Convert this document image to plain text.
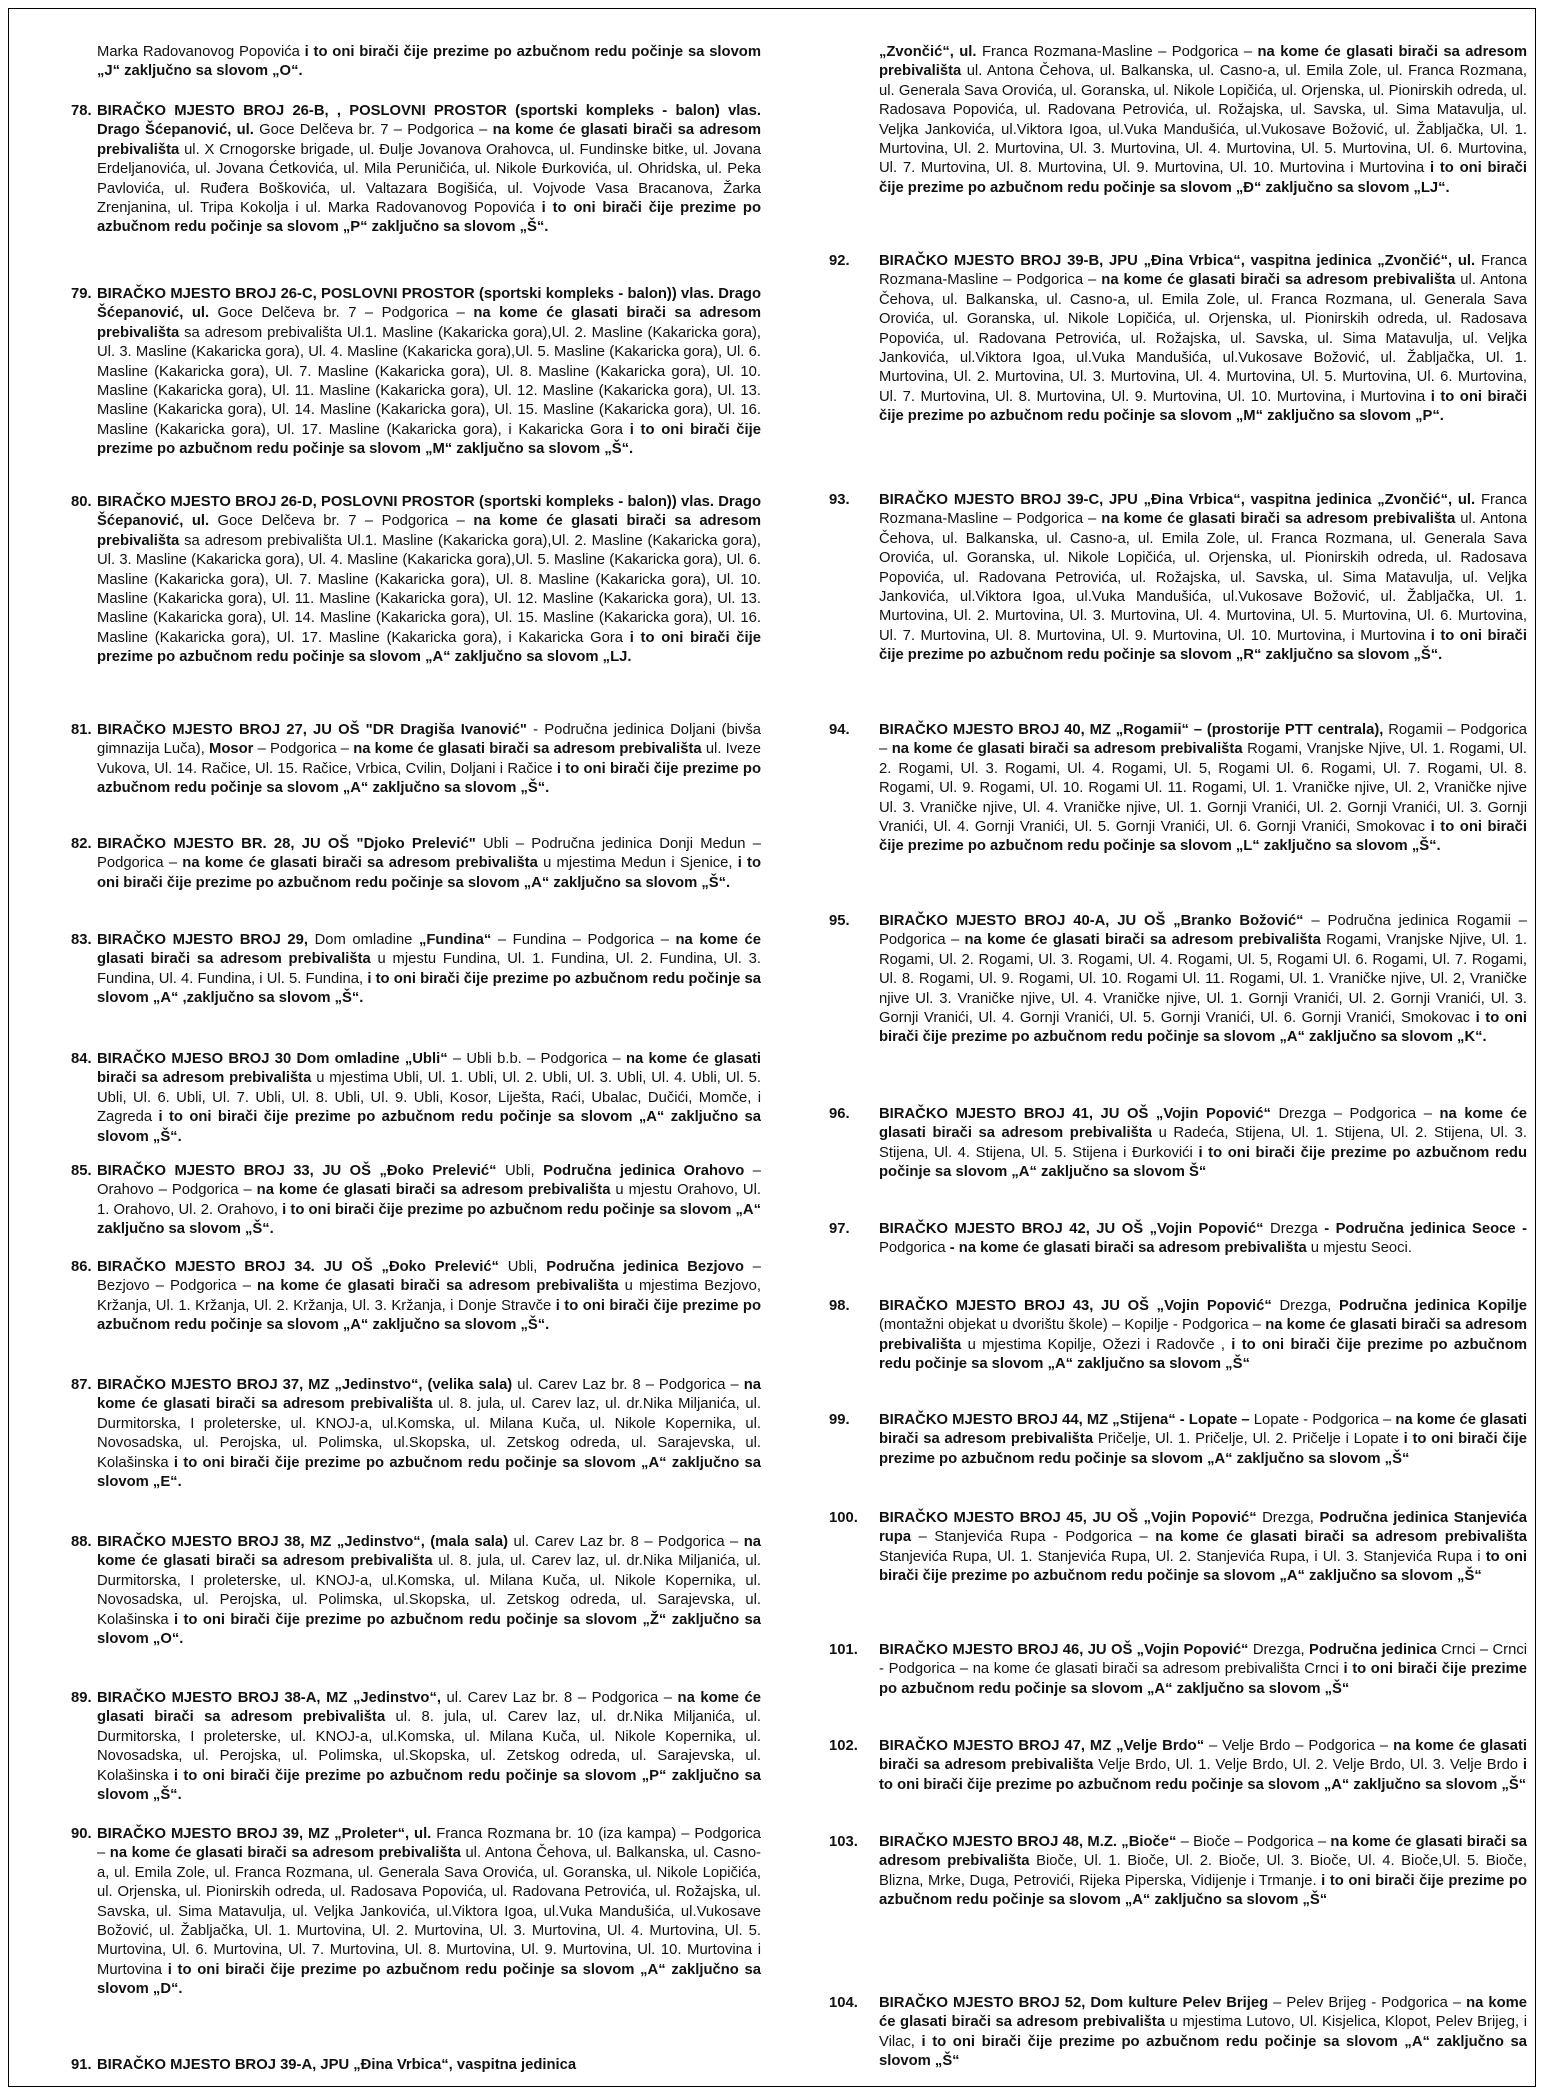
Marka Radovanovog Popovića i to oni birači čije prezime po azbučnom redu počinje sa slovom „J“ zaključno sa slovom „O“.
78. BIRAČKO MJESTO BROJ 26-B, , POSLOVNI PROSTOR (sportski kompleks - balon) vlas. Drago Šćepanović, ul. Goce Delčeva br. 7 – Podgorica – na kome će glasati birači sa adresom prebivališta ul. X Crnogorske brigade, ul. Đulje Jovanova Orahovca, ul. Fundinske bitke, ul. Jovana Erdeljanovića, ul. Jovana Ćetkovića, ul. Mila Peruničića, ul. Nikole Đurkovića, ul. Ohridska, ul. Peka Pavlovića, ul. Ruđera Boškovića, ul. Valtazara Bogišića, ul. Vojvode Vasa Bracanova, Žarka Zrenjanina, ul. Tripa Kokolja i ul. Marka Radovanovog Popovića i to oni birači čije prezime po azbučnom redu počinje sa slovom „P“ zaključno sa slovom „Š“.
79. BIRAČKO MJESTO BROJ 26-C, POSLOVNI PROSTOR (sportski kompleks - balon)) vlas. Drago Šćepanović, ul. Goce Delčeva br. 7 – Podgorica – na kome će glasati birači sa adresom prebivališta sa adresom prebivališta Ul.1. Masline (Kakaricka gora),Ul. 2. Masline (Kakaricka gora), Ul. 3. Masline (Kakaricka gora), Ul. 4. Masline (Kakaricka gora),Ul. 5. Masline (Kakaricka gora), Ul. 6. Masline (Kakaricka gora), Ul. 7. Masline (Kakaricka gora), Ul. 8. Masline (Kakaricka gora), Ul. 10. Masline (Kakaricka gora), Ul. 11. Masline (Kakaricka gora), Ul. 12. Masline (Kakaricka gora), Ul. 13. Masline (Kakaricka gora), Ul. 14. Masline (Kakaricka gora), Ul. 15. Masline (Kakaricka gora), Ul. 16. Masline (Kakaricka gora), Ul. 17. Masline (Kakaricka gora), i Kakaricka Gora i to oni birači čije prezime po azbučnom redu počinje sa slovom „M“ zaključno sa slovom „Š“.
80. BIRAČKO MJESTO BROJ 26-D, POSLOVNI PROSTOR (sportski kompleks - balon)) vlas. Drago Šćepanović, ul. Goce Delčeva br. 7 – Podgorica – na kome će glasati birači sa adresom prebivališta sa adresom prebivališta Ul.1. Masline (Kakaricka gora),Ul. 2. Masline (Kakaricka gora), Ul. 3. Masline (Kakaricka gora), Ul. 4. Masline (Kakaricka gora),Ul. 5. Masline (Kakaricka gora), Ul. 6. Masline (Kakaricka gora), Ul. 7. Masline (Kakaricka gora), Ul. 8. Masline (Kakaricka gora), Ul. 10. Masline (Kakaricka gora), Ul. 11. Masline (Kakaricka gora), Ul. 12. Masline (Kakaricka gora), Ul. 13. Masline (Kakaricka gora), Ul. 14. Masline (Kakaricka gora), Ul. 15. Masline (Kakaricka gora), Ul. 16. Masline (Kakaricka gora), Ul. 17. Masline (Kakaricka gora), i Kakaricka Gora i to oni birači čije prezime po azbučnom redu počinje sa slovom „A“ zaključno sa slovom „LJ.
81. BIRAČKO MJESTO BROJ 27, JU OŠ "DR Dragiša Ivanović" - Područna jedinica Doljani (bivša gimnazija Luča), Mosor – Podgorica – na kome će glasati birači sa adresom prebivališta ul. Iveze Vukova, Ul. 14. Račice, Ul. 15. Račice, Vrbica, Cvilin, Doljani i Račice i to oni birači čije prezime po azbučnom redu počinje sa slovom „A“ zaključno sa slovom „Š“.
82. BIRAČKO MJESTO BR. 28, JU OŠ "Djoko Prelević" Ubli – Područna jedinica Donji Medun – Podgorica – na kome će glasati birači sa adresom prebivališta u mjestima Medun i Sjenice, i to oni birači čije prezime po azbučnom redu počinje sa slovom „A“ zaključno sa slovom „Š“.
83. BIRAČKO MJESTO BROJ 29, Dom omladine „Fundina“ – Fundina – Podgorica – na kome će glasati birači sa adresom prebivališta u mjestu Fundina, Ul. 1. Fundina, Ul. 2. Fundina, Ul. 3. Fundina, Ul. 4. Fundina, i Ul. 5. Fundina, i to oni birači čije prezime po azbučnom redu počinje sa slovom „A“ ,zaključno sa slovom „Š“.
84. BIRAČKO MJESO BROJ 30 Dom omladine „Ubli“ – Ubli b.b. – Podgorica – na kome će glasati birači sa adresom prebivališta u mjestima Ubli, Ul. 1. Ubli, Ul. 2. Ubli, Ul. 3. Ubli, Ul. 4. Ubli, Ul. 5. Ubli, Ul. 6. Ubli, Ul. 7. Ubli, Ul. 8. Ubli, Ul. 9. Ubli, Kosor, Liješta, Raći, Ubalac, Dučići, Momče, i Zagreda i to oni birači čije prezime po azbučnom redu počinje sa slovom „A“ zaključno sa slovom „Š“.
85. BIRAČKO MJESTO BROJ 33, JU OŠ „Đoko Prelević“ Ubli, Područna jedinica Orahovo – Orahovo – Podgorica – na kome će glasati birači sa adresom prebivališta u mjestu Orahovo, Ul. 1. Orahovo, Ul. 2. Orahovo, i to oni birači čije prezime po azbučnom redu počinje sa slovom „A“ zaključno sa slovom „Š“.
86. BIRAČKO MJESTO BROJ 34. JU OŠ „Đoko Prelević“ Ubli, Područna jedinica Bezjovo – Bezjovo – Podgorica – na kome će glasati birači sa adresom prebivališta u mjestima Bezjovo, Kržanja, Ul. 1. Kržanja, Ul. 2. Kržanja, Ul. 3. Kržanja, i Donje Stravče i to oni birači čije prezime po azbučnom redu počinje sa slovom „A“ zaključno sa slovom „Š“.
87. BIRAČKO MJESTO BROJ 37, MZ „Jedinstvo“, (velika sala) ul. Carev Laz br. 8 – Podgorica – na kome će glasati birači sa adresom prebivališta ul. 8. jula, ul. Carev laz, ul. dr.Nika Miljanića, ul. Durmitorska, I proleterske, ul. KNOJ-a, ul.Komska, ul. Milana Kuča, ul. Nikole Kopernika, ul. Novosadska, ul. Perojska, ul. Polimska, ul.Skopska, ul. Zetskog odreda, ul. Sarajevska, ul. Kolašinska i to oni birači čije prezime po azbučnom redu počinje sa slovom „A“ zaključno sa slovom „E“.
88. BIRAČKO MJESTO BROJ 38, MZ „Jedinstvo“, (mala sala) ul. Carev Laz br. 8 – Podgorica – na kome će glasati birači sa adresom prebivališta ul. 8. jula, ul. Carev laz, ul. dr.Nika Miljanića, ul. Durmitorska, I proleterske, ul. KNOJ-a, ul.Komska, ul. Milana Kuča, ul. Nikole Kopernika, ul. Novosadska, ul. Perojska, ul. Polimska, ul.Skopska, ul. Zetskog odreda, ul. Sarajevska, ul. Kolašinska i to oni birači čije prezime po azbučnom redu počinje sa slovom „Ž“ zaključno sa slovom „O“.
89. BIRAČKO MJESTO BROJ 38-A, MZ „Jedinstvo“, ul. Carev Laz br. 8 – Podgorica – na kome će glasati birači sa adresom prebivališta ul. 8. jula, ul. Carev laz, ul. dr.Nika Miljanića, ul. Durmitorska, I proleterske, ul. KNOJ-a, ul.Komska, ul. Milana Kuča, ul. Nikole Kopernika, ul. Novosadska, ul. Perojska, ul. Polimska, ul.Skopska, ul. Zetskog odreda, ul. Sarajevska, ul. Kolašinska i to oni birači čije prezime po azbučnom redu počinje sa slovom „P“ zaključno sa slovom „Š“.
90. BIRAČKO MJESTO BROJ 39, MZ „Proleter“, ul. Franca Rozmana br. 10 (iza kampa) – Podgorica – na kome će glasati birači sa adresom prebivališta ul. Antona Čehova, ul. Balkanska, ul. Casno-a, ul. Emila Zole, ul. Franca Rozmana, ul. Generala Sava Orovića, ul. Goranska, ul. Nikole Lopičića, ul. Orjenska, ul. Pionirskih odreda, ul. Radosava Popovića, ul. Radovana Petrovića, ul. Rožajska, ul. Savska, ul. Sima Matavulja, ul. Veljka Jankovića, ul.Viktora Igoa, ul.Vuka Mandušića, ul.Vukosave Božović, ul. Žabljačka, Ul. 1. Murtovina, Ul. 2. Murtovina, Ul. 3. Murtovina, Ul. 4. Murtovina, Ul. 5. Murtovina, Ul. 6. Murtovina, Ul. 7. Murtovina, Ul. 8. Murtovina, Ul. 9. Murtovina, Ul. 10. Murtovina i Murtovina i to oni birači čije prezime po azbučnom redu počinje sa slovom „A“ zaključno sa slovom „D“.
91. BIRAČKO MJESTO BROJ 39-A, JPU „Đina Vrbica“, vaspitna jedinica
„Zvončić“, ul. Franca Rozmana-Masline – Podgorica – na kome će glasati birači sa adresom prebivališta ul. Antona Čehova, ul. Balkanska, ul. Casno-a, ul. Emila Zole, ul. Franca Rozmana, ul. Generala Sava Orovića, ul. Goranska, ul. Nikole Lopičića, ul. Orjenska, ul. Pionirskih odreda, ul. Radosava Popovića, ul. Radovana Petrovića, ul. Rožajska, ul. Savska, ul. Sima Matavulja, ul. Veljka Jankovića, ul.Viktora Igoa, ul.Vuka Mandušića, ul.Vukosave Božović, ul. Žabljačka, Ul. 1. Murtovina, Ul. 2. Murtovina, Ul. 3. Murtovina, Ul. 4. Murtovina, Ul. 5. Murtovina, Ul. 6. Murtovina, Ul. 7. Murtovina, Ul. 8. Murtovina, Ul. 9. Murtovina, Ul. 10. Murtovina i Murtovina i to oni birači čije prezime po azbučnom redu počinje sa slovom „Đ“ zaključno sa slovom „LJ“.
92.	BIRAČKO MJESTO BROJ 39-B, JPU „Đina Vrbica“, vaspitna jedinica „Zvončić“, ul. Franca Rozmana-Masline – Podgorica – na kome će glasati birači sa adresom prebivališta ul. Antona Čehova, ul. Balkanska, ul. Casno-a, ul. Emila Zole, ul. Franca Rozmana, ul. Generala Sava Orovića, ul. Goranska, ul. Nikole Lopičića, ul. Orjenska, ul. Pionirskih odreda, ul. Radosava Popovića, ul. Radovana Petrovića, ul. Rožajska, ul. Savska, ul. Sima Matavulja, ul. Veljka Jankovića, ul.Viktora Igoa, ul.Vuka Mandušića, ul.Vukosave Božović, ul. Žabljačka, Ul. 1. Murtovina, Ul. 2. Murtovina, Ul. 3. Murtovina, Ul. 4. Murtovina, Ul. 5. Murtovina, Ul. 6. Murtovina, Ul. 7. Murtovina, Ul. 8. Murtovina, Ul. 9. Murtovina, Ul. 10. Murtovina, i Murtovina i to oni birači čije prezime po azbučnom redu počinje sa slovom „M“ zaključno sa slovom „P“.
93.	BIRAČKO MJESTO BROJ 39-C, JPU „Đina Vrbica“, vaspitna jedinica „Zvončić“, ul. Franca Rozmana-Masline – Podgorica – na kome će glasati birači sa adresom prebivališta ul. Antona Čehova, ul. Balkanska, ul. Casno-a, ul. Emila Zole, ul. Franca Rozmana, ul. Generala Sava Orovića, ul. Goranska, ul. Nikole Lopičića, ul. Orjenska, ul. Pionirskih odreda, ul. Radosava Popovića, ul. Radovana Petrovića, ul. Rožajska, ul. Savska, ul. Sima Matavulja, ul. Veljka Jankovića, ul.Viktora Igoa, ul.Vuka Mandušića, ul.Vukosave Božović, ul. Žabljačka, Ul. 1. Murtovina, Ul. 2. Murtovina, Ul. 3. Murtovina, Ul. 4. Murtovina, Ul. 5. Murtovina, Ul. 6. Murtovina, Ul. 7. Murtovina, Ul. 8. Murtovina, Ul. 9. Murtovina, Ul. 10. Murtovina, i Murtovina i to oni birači čije prezime po azbučnom redu počinje sa slovom „R“ zaključno sa slovom „Š“.
94.	BIRAČKO MJESTO BROJ 40, MZ „Rogamii“ – (prostorije PTT centrala), Rogamii – Podgorica – na kome će glasati birači sa adresom prebivališta Rogami, Vranjske Njive, Ul. 1. Rogami, Ul. 2. Rogami, Ul. 3. Rogami, Ul. 4. Rogami, Ul. 5, Rogami Ul. 6. Rogami, Ul. 7. Rogami, Ul. 8. Rogami, Ul. 9. Rogami, Ul. 10. Rogami Ul. 11. Rogami, Ul. 1. Vraničke njive, Ul. 2, Vraničke njive Ul. 3. Vraničke njive, Ul. 4. Vraničke njive, Ul. 1. Gornji Vranići, Ul. 2. Gornji Vranići, Ul. 3. Gornji Vranići, Ul. 4. Gornji Vranići, Ul. 5. Gornji Vranići, Ul. 6. Gornji Vranići, Smokovac i to oni birači čije prezime po azbučnom redu počinje sa slovom „L“ zaključno sa slovom „Š“.
95.	BIRAČKO MJESTO BROJ 40-A, JU OŠ „Branko Božović“ – Područna jedinica Rogamii – Podgorica – na kome će glasati birači sa adresom prebivališta Rogami, Vranjske Njive, Ul. 1. Rogami, Ul. 2. Rogami, Ul. 3. Rogami, Ul. 4. Rogami, Ul. 5, Rogami Ul. 6. Rogami, Ul. 7. Rogami, Ul. 8. Rogami, Ul. 9. Rogami, Ul. 10. Rogami Ul. 11. Rogami, Ul. 1. Vraničke njive, Ul. 2, Vraničke njive Ul. 3. Vraničke njive, Ul. 4. Vraničke njive, Ul. 1. Gornji Vranići, Ul. 2. Gornji Vranići, Ul. 3. Gornji Vranići, Ul. 4. Gornji Vranići, Ul. 5. Gornji Vranići, Ul. 6. Gornji Vranići, Smokovac i to oni birači čije prezime po azbučnom redu počinje sa slovom „A“ zaključno sa slovom „K“.
96.	BIRAČKO MJESTO BROJ 41, JU OŠ „Vojin Popović“ Drezga – Podgorica – na kome će glasati birači sa adresom prebivališta u Radeća, Stijena, Ul. 1. Stijena, Ul. 2. Stijena, Ul. 3. Stijena, Ul. 4. Stijena, Ul. 5. Stijena i Đurkovići i to oni birači čije prezime po azbučnom redu počinje sa slovom „A“ zaključno sa slovom Š“
97.	BIRAČKO MJESTO BROJ 42, JU OŠ „Vojin Popović“ Drezga - Područna jedinica Seoce - Podgorica - na kome će glasati birači sa adresom prebivališta u mjestu Seoci.
98.	BIRAČKO MJESTO BROJ 43, JU OŠ „Vojin Popović“ Drezga, Područna jedinica Kopilje (montažni objekat u dvorištu škole) – Kopilje - Podgorica – na kome će glasati birači sa adresom prebivališta u mjestima Kopilje, Ožezi i Radovče , i to oni birači čije prezime po azbučnom redu počinje sa slovom „A“ zaključno sa slovom „Š“
99.	BIRAČKO MJESTO BROJ 44, MZ „Stijena“ - Lopate – Lopate - Podgorica – na kome će glasati birači sa adresom prebivališta Pričelje, Ul. 1. Pričelje, Ul. 2. Pričelje i Lopate i to oni birači čije prezime po azbučnom redu počinje sa slovom „A“ zaključno sa slovom „Š“
100.	BIRAČKO MJESTO BROJ 45, JU OŠ „Vojin Popović“ Drezga, Područna jedinica Stanjevića rupa – Stanjevića Rupa - Podgorica – na kome će glasati birači sa adresom prebivališta Stanjevića Rupa, Ul. 1. Stanjevića Rupa, Ul. 2. Stanjevića Rupa, i Ul. 3. Stanjevića Rupa i to oni birači čije prezime po azbučnom redu počinje sa slovom „A“ zaključno sa slovom „Š“
101.	BIRAČKO MJESTO BROJ 46, JU OŠ „Vojin Popović“ Drezga, Područna jedinica Crnci – Crnci - Podgorica – na kome će glasati birači sa adresom prebivališta Crnci i to oni birači čije prezime po azbučnom redu počinje sa slovom „A“ zaključno sa slovom „Š“
102.	BIRAČKO MJESTO BROJ 47, MZ „Velje Brdo“ – Velje Brdo – Podgorica – na kome će glasati birači sa adresom prebivališta Velje Brdo, Ul. 1. Velje Brdo, Ul. 2. Velje Brdo, Ul. 3. Velje Brdo i to oni birači čije prezime po azbučnom redu počinje sa slovom „A“ zaključno sa slovom „Š“
103.	BIRAČKO MJESTO BROJ 48, M.Z. „Bioče“ – Bioče – Podgorica – na kome će glasati birači sa adresom prebivališta Bioče, Ul. 1. Bioče, Ul. 2. Bioče, Ul. 3. Bioče, Ul. 4. Bioče,Ul. 5. Bioče, Blizna, Mrke, Duga, Petrovići, Rijeka Piperska, Vidijenje i Trmanje. i to oni birači čije prezime po azbučnom redu počinje sa slovom „A“ zaključno sa slovom „Š“
104.	BIRAČKO MJESTO BROJ 52, Dom kulture Pelev Brijeg – Pelev Brijeg - Podgorica – na kome će glasati birači sa adresom prebivališta u mjestima Lutovo, Ul. Kisjelica, Klopot, Pelev Brijeg, i Vilac, i to oni birači čije prezime po azbučnom redu počinje sa slovom „A“ zaključno sa slovom „Š“
